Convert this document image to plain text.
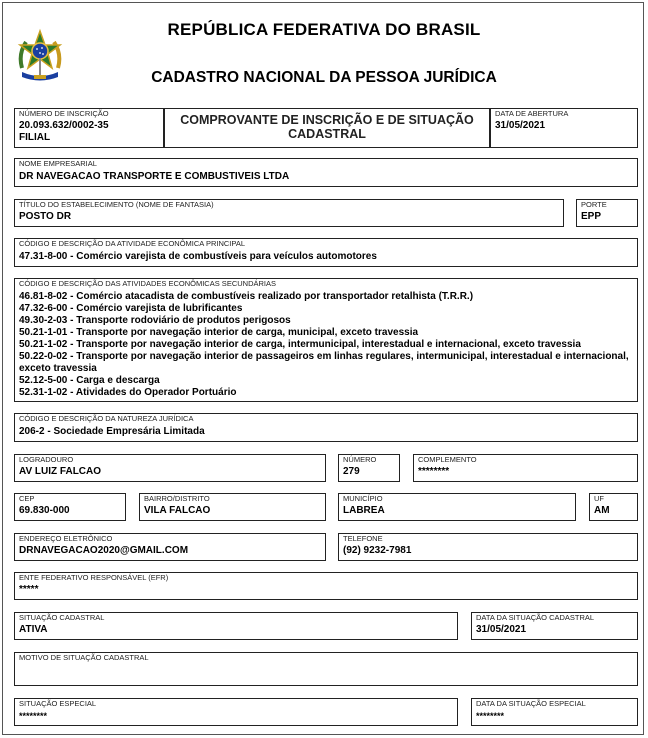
REPÚBLICA FEDERATIVA DO BRASIL
CADASTRO NACIONAL DA PESSOA JURÍDICA
NÚMERO DE INSCRIÇÃO
20.093.632/0002-35
FILIAL
COMPROVANTE DE INSCRIÇÃO E DE SITUAÇÃO
CADASTRAL
DATA DE ABERTURA
31/05/2021
NOME EMPRESARIAL
DR NAVEGACAO TRANSPORTE E COMBUSTIVEIS LTDA
TÍTULO DO ESTABELECIMENTO (NOME DE FANTASIA)
POSTO DR
PORTE
EPP
CÓDIGO E DESCRIÇÃO DA ATIVIDADE ECONÔMICA PRINCIPAL
47.31-8-00 - Comércio varejista de combustíveis para veículos automotores
CÓDIGO E DESCRIÇÃO DAS ATIVIDADES ECONÔMICAS SECUNDÁRIAS
46.81-8-02 - Comércio atacadista de combustíveis realizado por transportador retalhista (T.R.R.)
47.32-6-00 - Comércio varejista de lubrificantes
49.30-2-03 - Transporte rodoviário de produtos perigosos
50.21-1-01 - Transporte por navegação interior de carga, municipal, exceto travessia
50.21-1-02 - Transporte por navegação interior de carga, intermunicipal, interestadual e internacional, exceto travessia
50.22-0-02 - Transporte por navegação interior de passageiros em linhas regulares, intermunicipal, interestadual e internacional, exceto travessia
52.12-5-00 - Carga e descarga
52.31-1-02 - Atividades do Operador Portuário
CÓDIGO E DESCRIÇÃO DA NATUREZA JURÍDICA
206-2 - Sociedade Empresária Limitada
LOGRADOURO
AV LUIZ FALCAO
NÚMERO
279
COMPLEMENTO
********
CEP
69.830-000
BAIRRO/DISTRITO
VILA FALCAO
MUNICÍPIO
LABREA
UF
AM
ENDEREÇO ELETRÔNICO
DRNAVEGACAO2020@GMAIL.COM
TELEFONE
(92) 9232-7981
ENTE FEDERATIVO RESPONSÁVEL (EFR)
*****
SITUAÇÃO CADASTRAL
ATIVA
DATA DA SITUAÇÃO CADASTRAL
31/05/2021
MOTIVO DE SITUAÇÃO CADASTRAL
SITUAÇÃO ESPECIAL
********
DATA DA SITUAÇÃO ESPECIAL
********
